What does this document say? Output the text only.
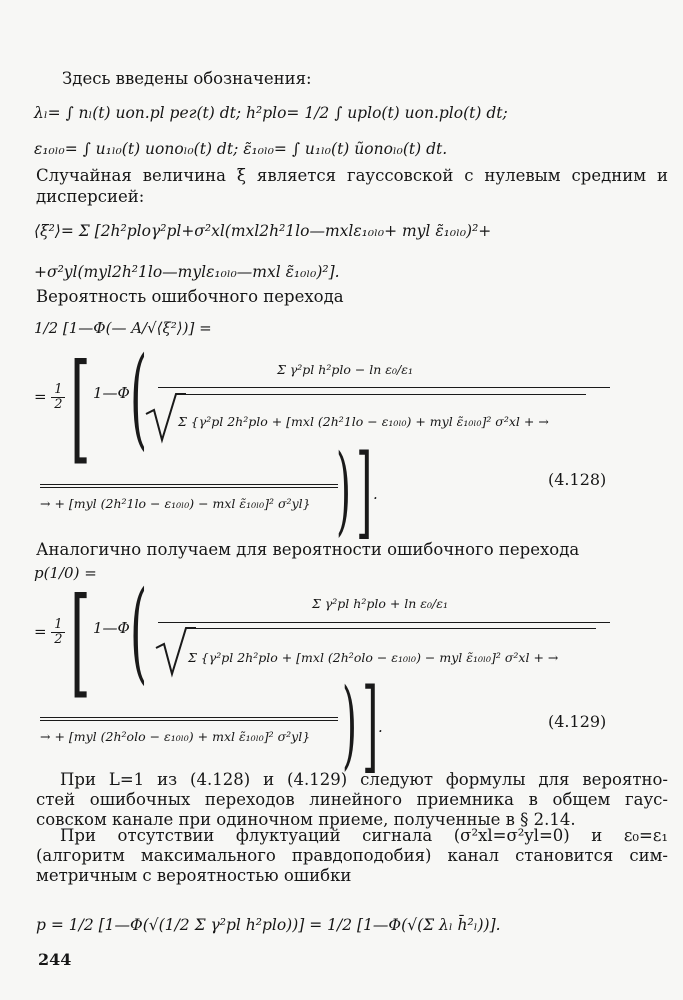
Здесь введены обозначения:
λₗ= ∫ nₗ(t) uоп.pl рег(t) dt; h²plo= 1/2 ∫ uplo(t) uоп.plo(t) dt;
ε₁₀ₗ₀= ∫ u₁ₗ₀(t) uопоₗ₀(t) dt; ε̃₁₀ₗ₀= ∫ u₁ₗ₀(t) ũопоₗ₀(t) dt.
Случайная величина ξ является гауссовской с нулевым средним и
дисперсией:
⟨ξ²⟩= Σ [2h²ploγ²pl+σ²xl(mxl2h²1lo—mxlε₁₀ₗ₀+ myl ε̃₁₀ₗ₀)²+
+σ²yl(myl2h²1lo—mylε₁₀ₗ₀—mxl ε̃₁₀ₗ₀)²].
Вероятность ошибочного перехода
1/2 [1—Φ(— A/√⟨ξ²⟩)] =
= $\frac{1}{2}$ [ 1—Φ (	Σ γ²pl h²plo − ln ε₀/ε₁
Σ {γ²pl 2h²plo + [mxl (2h²1lo − ε₁₀ₗ₀) + myl ε̃₁₀ₗ₀]² σ²xl + →
→ + [myl (2h²1lo − ε₁₀ₗ₀) − mxl ε̃₁₀ₗ₀]² σ²yl} ) ] .
(4.128)
Аналогично получаем для вероятности ошибочного перехода
p(1/0) =
= $\frac{1}{2}$ [ 1—Φ (	Σ γ²pl h²plo + ln ε₀/ε₁
Σ {γ²pl 2h²plo + [mxl (2h²olo − ε₁₀ₗ₀) − myl ε̃₁₀ₗ₀]² σ²xl + →
→ + [myl (2h²olo − ε₁₀ₗ₀) + mxl ε̃₁₀ₗ₀]² σ²yl} ) ] .	(4.129)
При L=1 из (4.128) и (4.129) следуют формулы для вероятно-
стей ошибочных переходов линейного приемника в общем гаус-
совском канале при одиночном приеме, полученные в § 2.14.
При отсутствии флуктуаций сигнала (σ²xl=σ²yl=0) и ε₀=ε₁
(алгоритм максимального правдоподобия) канал становится сим-
метричным с вероятностью ошибки
p = 1/2 [1—Φ(√(1/2 Σ γ²pl h²plo))] = 1/2 [1—Φ(√(Σ λₗ h̄²ₗ))].
244
